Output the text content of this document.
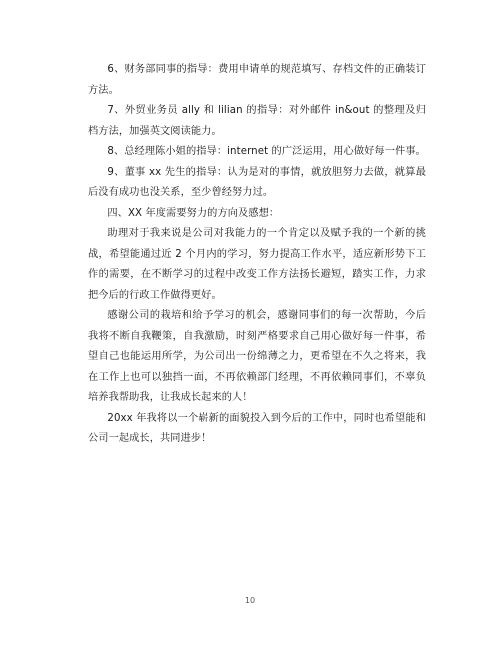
6、财务部同事的指导：费用申请单的规范填写、存档文件的正确装订方法。

7、外贸业务员 ally 和 lilian 的指导：对外邮件 in&out 的整理及归档方法，加强英文阅读能力。

8、总经理陈小姐的指导：internet 的广泛运用，用心做好每一件事。

9、董事 xx 先生的指导：认为是对的事情，就放胆努力去做，就算最后没有成功也没关系，至少曾经努力过。

四、XX 年度需要努力的方向及感想：

助理对于我来说是公司对我能力的一个肯定以及赋予我的一个新的挑战，希望能通过近 2 个月内的学习，努力提高工作水平，适应新形势下工作的需要，在不断学习的过程中改变工作方法扬长避短，踏实工作，力求把今后的行政工作做得更好。

感谢公司的栽培和给予学习的机会，感谢同事们的每一次帮助，今后我将不断自我鞭策，自我激励，时刻严格要求自己用心做好每一件事，希望自己也能运用所学，为公司出一份绵薄之力，更希望在不久之将来，我在工作上也可以独挡一面，不再依赖部门经理，不再依赖同事们，不辜负培养我帮助我，让我成长起来的人！

20xx 年我将以一个崭新的面貌投入到今后的工作中，同时也希望能和公司一起成长，共同进步！

10
